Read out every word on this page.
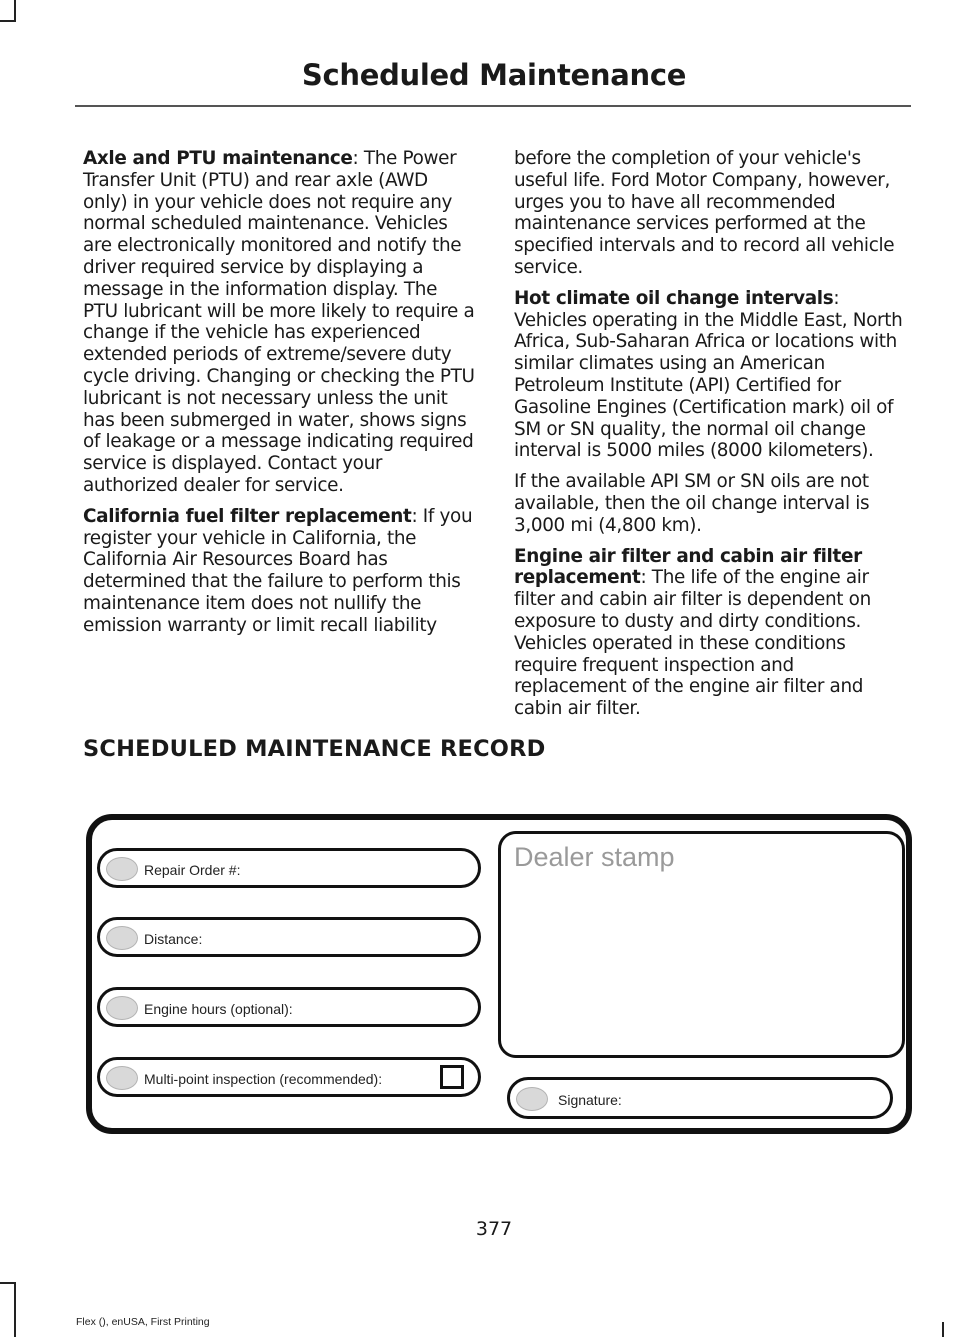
Scheduled Maintenance

Axle and PTU maintenance: The Power Transfer Unit (PTU) and rear axle (AWD only) in your vehicle does not require any normal scheduled maintenance. Vehicles are electronically monitored and notify the driver required service by displaying a message in the information display. The PTU lubricant will be more likely to require a change if the vehicle has experienced extended periods of extreme/severe duty cycle driving. Changing or checking the PTU lubricant is not necessary unless the unit has been submerged in water, shows signs of leakage or a message indicating required service is displayed. Contact your authorized dealer for service.

California fuel filter replacement: If you register your vehicle in California, the California Air Resources Board has determined that the failure to perform this maintenance item does not nullify the emission warranty or limit recall liability

before the completion of your vehicle's useful life. Ford Motor Company, however, urges you to have all recommended maintenance services performed at the specified intervals and to record all vehicle service.

Hot climate oil change intervals: Vehicles operating in the Middle East, North Africa, Sub-Saharan Africa or locations with similar climates using an American Petroleum Institute (API) Certified for Gasoline Engines (Certification mark) oil of SM or SN quality, the normal oil change interval is 5000 miles (8000 kilometers).

If the available API SM or SN oils are not available, then the oil change interval is 3,000 mi (4,800 km).

Engine air filter and cabin air filter replacement: The life of the engine air filter and cabin air filter is dependent on exposure to dusty and dirty conditions. Vehicles operated in these conditions require frequent inspection and replacement of the engine air filter and cabin air filter.

SCHEDULED MAINTENANCE RECORD
Repair Order #:
Distance:
Engine hours (optional):
Multi-point inspection (recommended):
Dealer stamp
Signature:
377
Flex (), enUSA, First Printing
